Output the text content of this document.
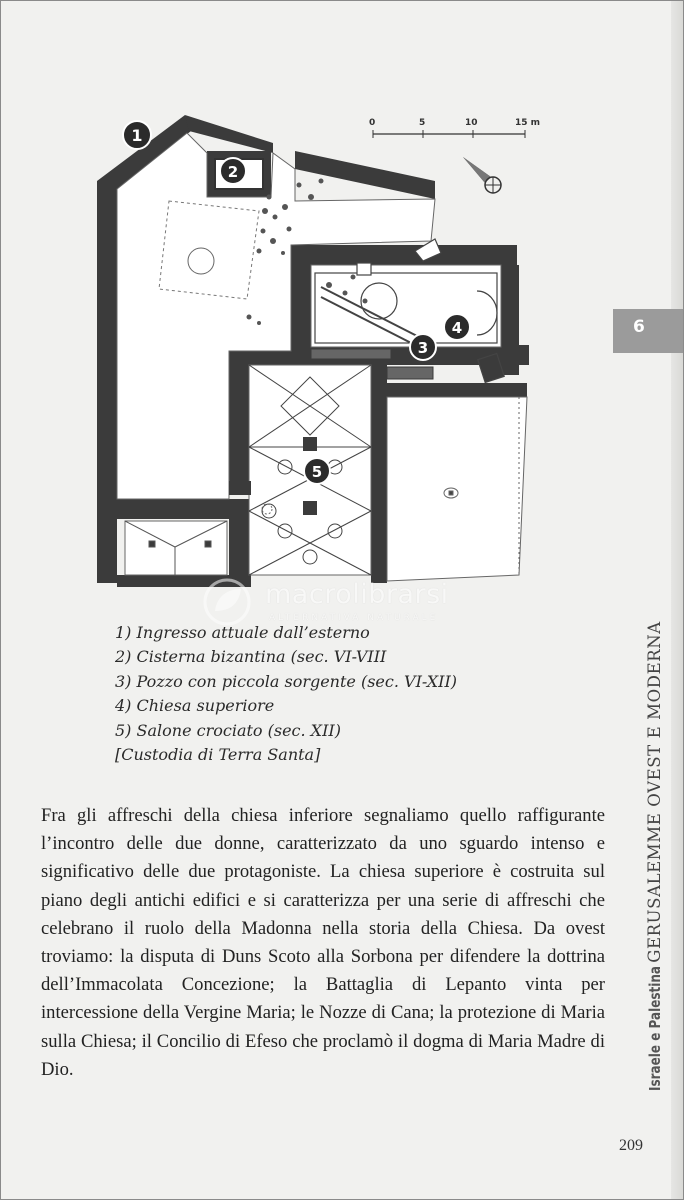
0	5	10	15 m
1
2
3
4
5
macrolibrarsi
ALTERNATIVA NATURALE
1) Ingresso attuale dall’esterno
2) Cisterna bizantina (sec. VI-VIII
3) Pozzo con piccola sorgente (sec. VI-XII)
4) Chiesa superiore
5) Salone crociato (sec. XII)
[Custodia di Terra Santa]
Fra gli affreschi della chiesa inferiore segnaliamo quello raffigurante l’incontro delle due donne, caratterizzato da uno sguardo intenso e significativo delle due protagoniste. La chiesa superiore è costruita sul piano degli antichi edifici e si caratterizza per una serie di affreschi che celebrano il ruolo della Madonna nella storia della Chiesa. Da ovest troviamo: la disputa di Duns Scoto alla Sorbona per difendere la dottrina dell’Immacolata Concezione; la Battaglia di Lepanto vinta per intercessione della Vergine Maria; le Nozze di Cana; la protezione di Maria sulla Chiesa; il Concilio di Efeso che proclamò il dogma di Maria Madre di Dio.
6
Israele e PalestinaGERUSALEMME OVEST E MODERNA
209
